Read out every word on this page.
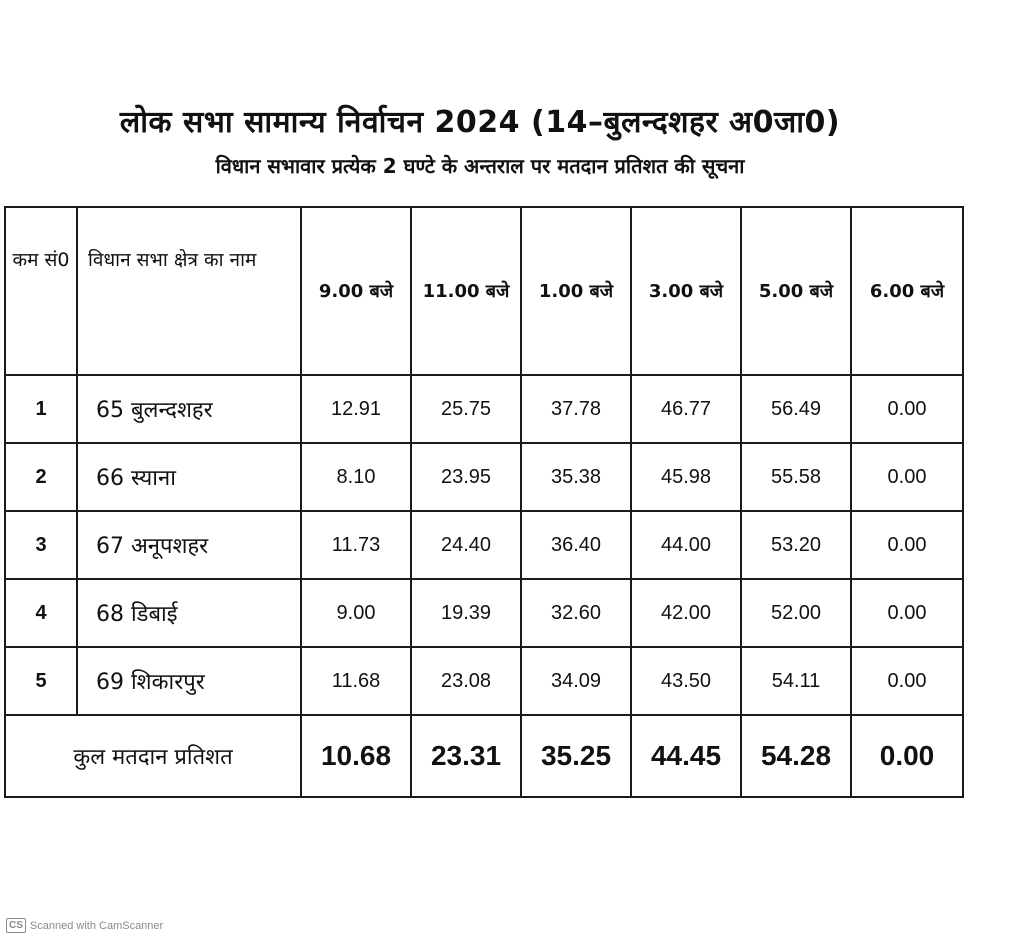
लोक सभा सामान्य निर्वाचन 2024 (14–बुलन्दशहर अ0जा0)
विधान सभावार प्रत्येक 2 घण्टे के अन्तराल पर मतदान प्रतिशत की सूचना
कम सं0	विधान सभा क्षेत्र का नाम	9.00 बजे	11.00 बजे	1.00 बजे	3.00 बजे	5.00 बजे	6.00 बजे
1	65 बुलन्दशहर	12.91	25.75	37.78	46.77	56.49	0.00
2	66 स्याना	8.10	23.95	35.38	45.98	55.58	0.00
3	67 अनूपशहर	11.73	24.40	36.40	44.00	53.20	0.00
4	68 डिबाई	9.00	19.39	32.60	42.00	52.00	0.00
5	69 शिकारपुर	11.68	23.08	34.09	43.50	54.11	0.00
कुल मतदान प्रतिशत		10.68	23.31	35.25	44.45	54.28	0.00
CS Scanned with CamScanner
